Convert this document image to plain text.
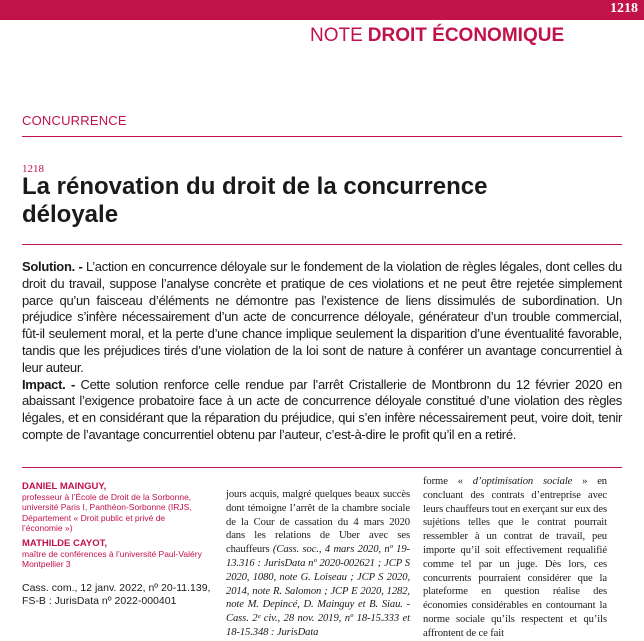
1218
NOTE DROIT ÉCONOMIQUE
CONCURRENCE
1218
La rénovation du droit de la concurrence déloyale

Solution. - L’action en concurrence déloyale sur le fondement de la violation de règles légales, dont celles du droit du travail, suppose l’analyse concrète et pratique de ces violations et ne peut être rejetée simplement parce qu’un faisceau d’éléments ne démontre pas l’existence de liens dissimulés de subordination. Un préjudice s’infère nécessairement d’un acte de concurrence déloyale, générateur d’un trouble commercial, fût-il seulement moral, et la perte d’une chance implique seulement la disparition d’une éventualité favorable, tandis que les préjudices tirés d’une violation de la loi sont de nature à conférer un avantage concurrentiel à leur auteur.

Impact. - Cette solution renforce celle rendue par l’arrêt Cristallerie de Montbronn du 12 février 2020 en abaissant l’exigence probatoire face à un acte de concurrence déloyale constitué d’une violation des règles légales, et en considérant que la réparation du préjudice, qui s’en infère nécessairement peut, voire doit, tenir compte de l’avantage concurrentiel obtenu par l’auteur, c’est-à-dire le profit qu’il en a retiré.

DANIEL MAINGUY,
professeur à l’École de Droit de la Sorbonne, université Paris I, Panthéon-Sorbonne (IRJS, Département « Droit public et privé de l’économie »)
MATHILDE CAYOT,
maître de conférences à l’université Paul-Valéry Montpellier 3
Cass. com., 12 janv. 2022, nº 20-11.139,
FS-B : JurisData nº 2022-000401

jours acquis, malgré quelques beaux succès dont témoigne l’arrêt de la chambre sociale de la Cour de cassation du 4 mars 2020 dans les relations de Uber avec ses chauffeurs (Cass. soc., 4 mars 2020, nº 19-13.316 : JurisData nº 2020-002621 ; JCP S 2020, 1080, note G. Loiseau ; JCP S 2020, 2014, note R. Salomon ; JCP E 2020, 1282, note M. Depincé, D. Mainguy et B. Siau. - Cass. 2ᵉ civ., 28 nov. 2019, nº 18-15.333 et 18-15.348 : JurisData

forme « d’optimisation sociale » en concluant des contrats d’entreprise avec leurs chauffeurs tout en exerçant sur eux des sujétions telles que le contrat pourrait ressembler à un contrat de travail, peu importe qu’il soit effectivement requalifié comme tel par un juge. Dès lors, ces concurrents pourraient considérer que la plateforme en question réalise des économies considérables en contournant la norme sociale qu’ils respectent et qu’ils affrontent de ce fait
